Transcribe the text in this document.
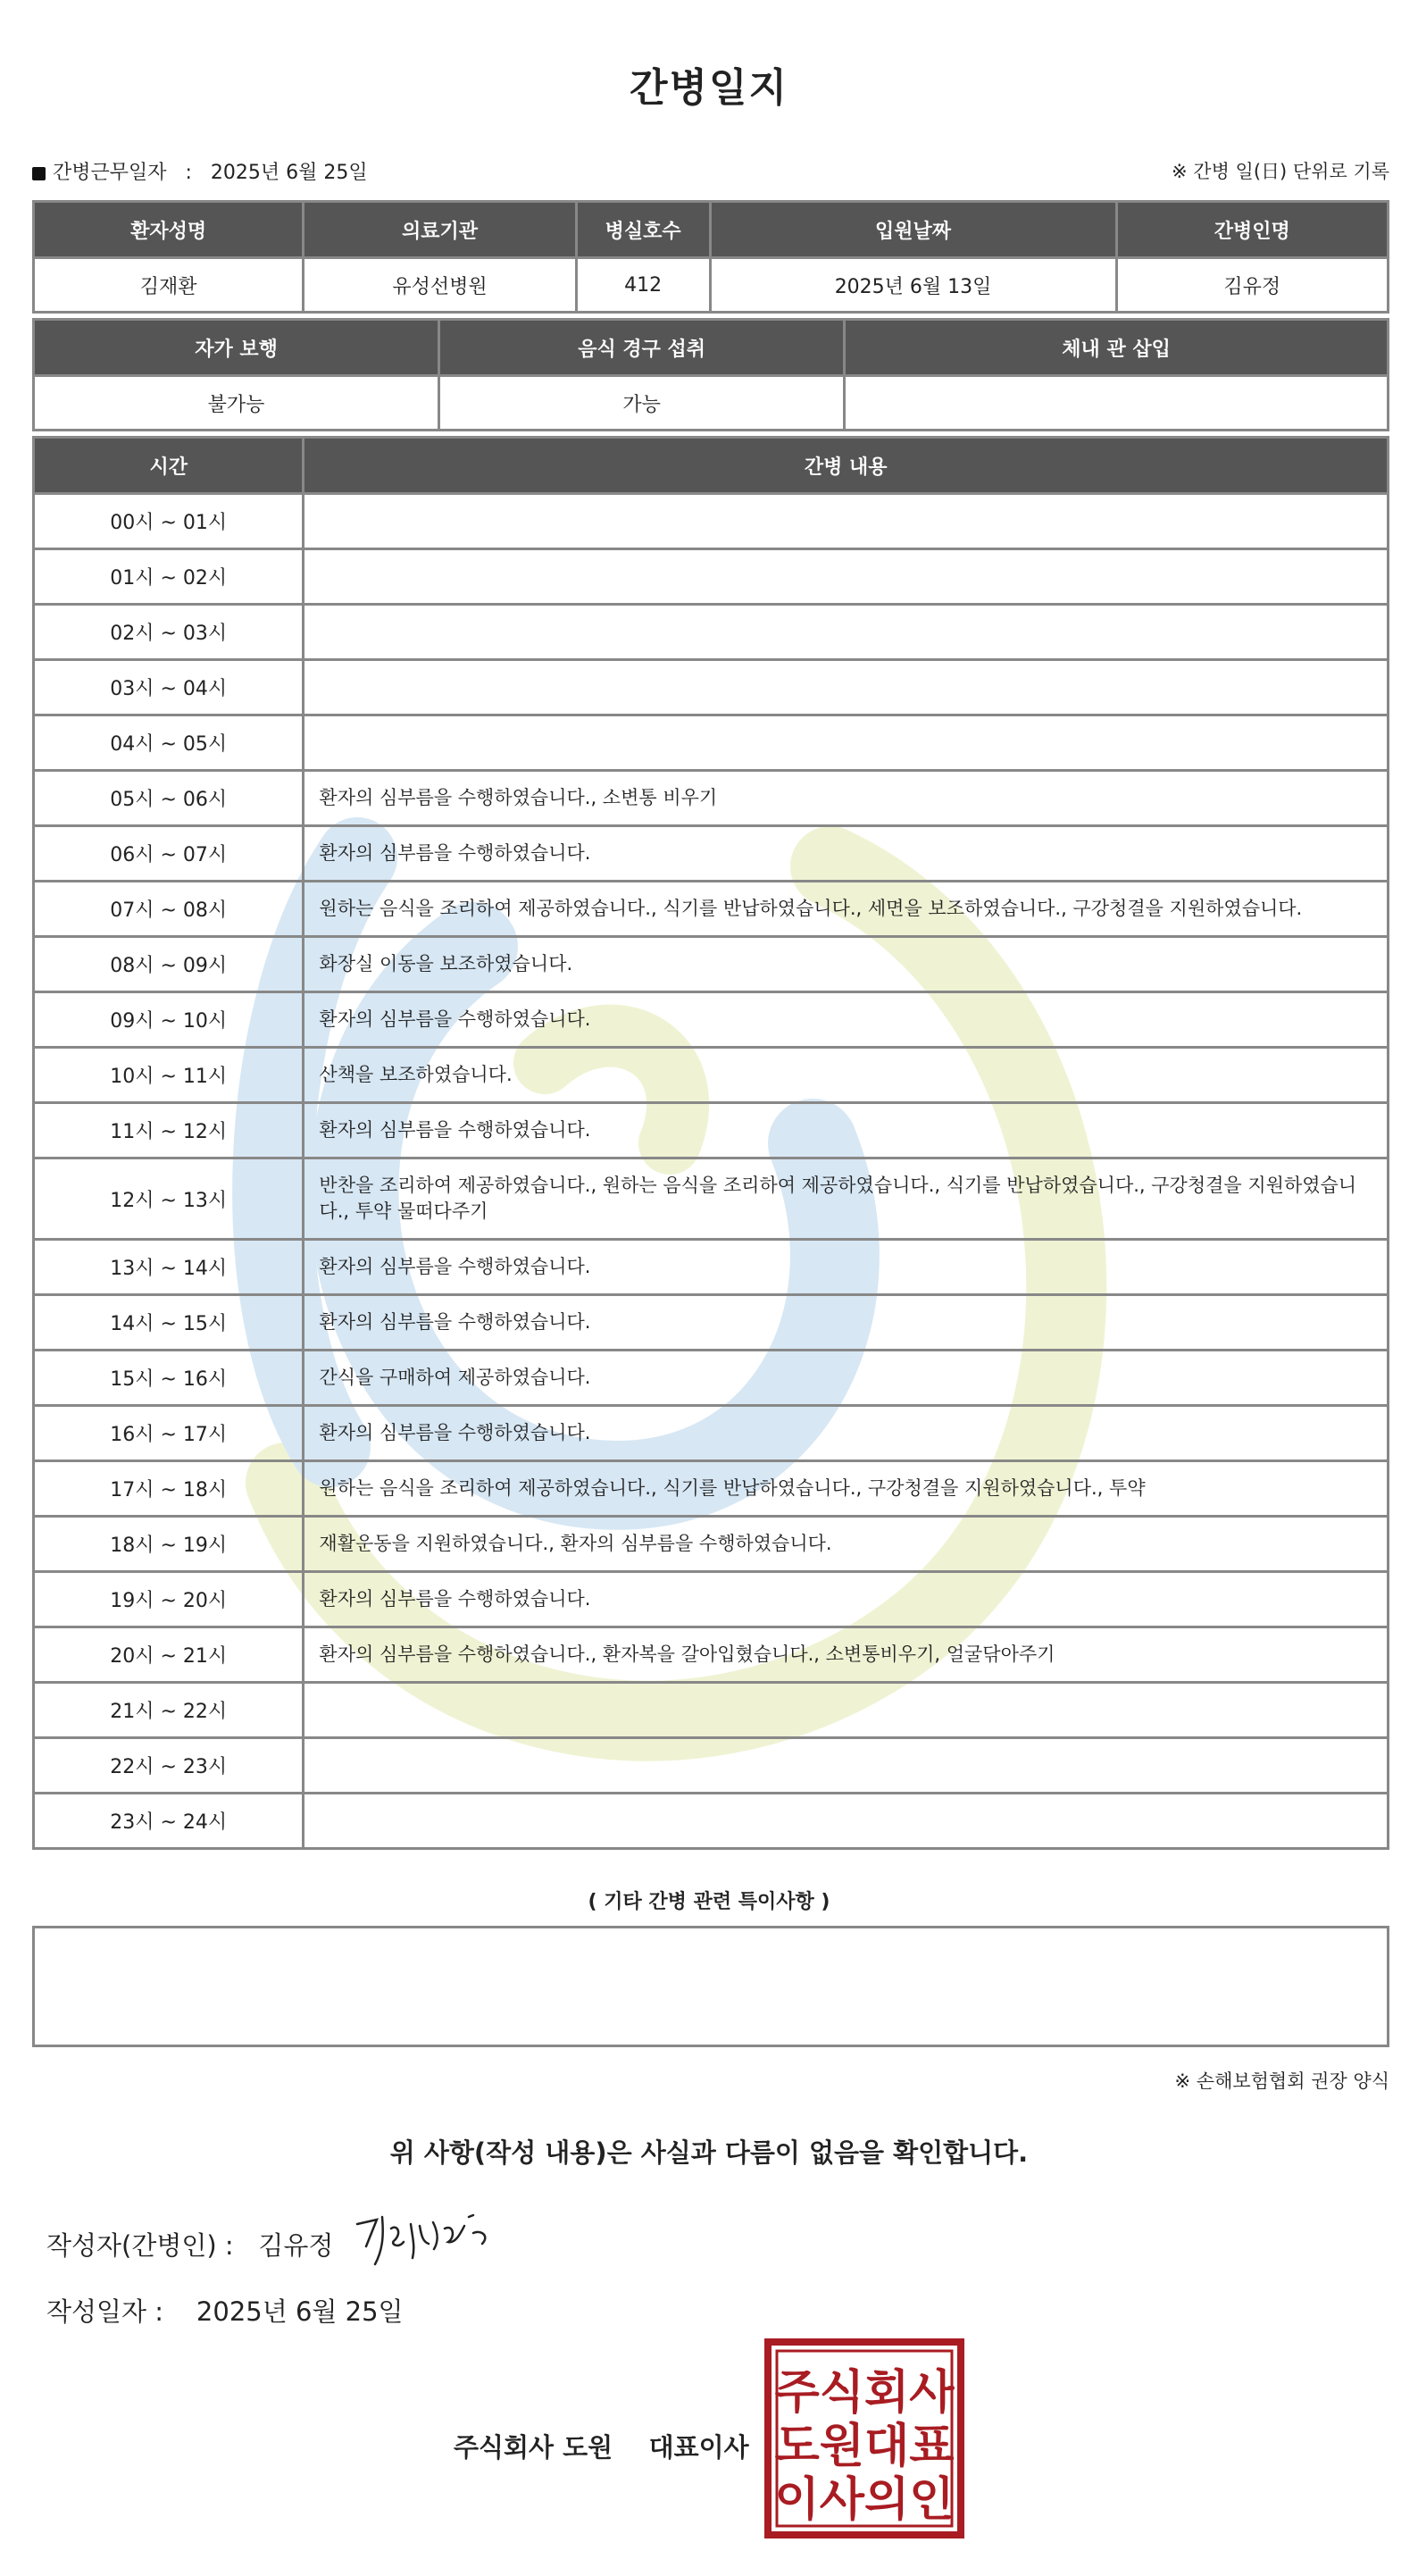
간병일지
간병근무일자 : 2025년 6월 25일	※ 간병 일(日) 단위로 기록
환자성명	의료기관	병실호수	입원날짜	간병인명
김재환	유성선병원	412	2025년 6월 13일	김유정
자가 보행	음식 경구 섭취	체내 관 삽입
불가능	가능	
시간	간병 내용
00시 ~ 01시	
01시 ~ 02시	
02시 ~ 03시	
03시 ~ 04시	
04시 ~ 05시	
05시 ~ 06시	환자의 심부름을 수행하였습니다., 소변통 비우기
06시 ~ 07시	환자의 심부름을 수행하였습니다.
07시 ~ 08시	원하는 음식을 조리하여 제공하였습니다., 식기를 반납하였습니다., 세면을 보조하였습니다., 구강청결을 지원하였습니다.
08시 ~ 09시	화장실 이동을 보조하였습니다.
09시 ~ 10시	환자의 심부름을 수행하였습니다.
10시 ~ 11시	산책을 보조하였습니다.
11시 ~ 12시	환자의 심부름을 수행하였습니다.
12시 ~ 13시	반찬을 조리하여 제공하였습니다., 원하는 음식을 조리하여 제공하였습니다., 식기를 반납하였습니다., 구강청결을 지원하였습니다., 투약 물떠다주기
13시 ~ 14시	환자의 심부름을 수행하였습니다.
14시 ~ 15시	환자의 심부름을 수행하였습니다.
15시 ~ 16시	간식을 구매하여 제공하였습니다.
16시 ~ 17시	환자의 심부름을 수행하였습니다.
17시 ~ 18시	원하는 음식을 조리하여 제공하였습니다., 식기를 반납하였습니다., 구강청결을 지원하였습니다., 투약
18시 ~ 19시	재활운동을 지원하였습니다., 환자의 심부름을 수행하였습니다.
19시 ~ 20시	환자의 심부름을 수행하였습니다.
20시 ~ 21시	환자의 심부름을 수행하였습니다., 환자복을 갈아입혔습니다., 소변통비우기, 얼굴닦아주기
21시 ~ 22시	
22시 ~ 23시	
23시 ~ 24시	
( 기타 간병 관련 특이사항 )
※ 손해보험협회 권장 양식
위 사항(작성 내용)은 사실과 다름이 없음을 확인합니다.
작성자(간병인) : 김유정
작성일자 : 2025년 6월 25일
주식회사 도원 대표이사
주식회사
도원대표
이사의인
